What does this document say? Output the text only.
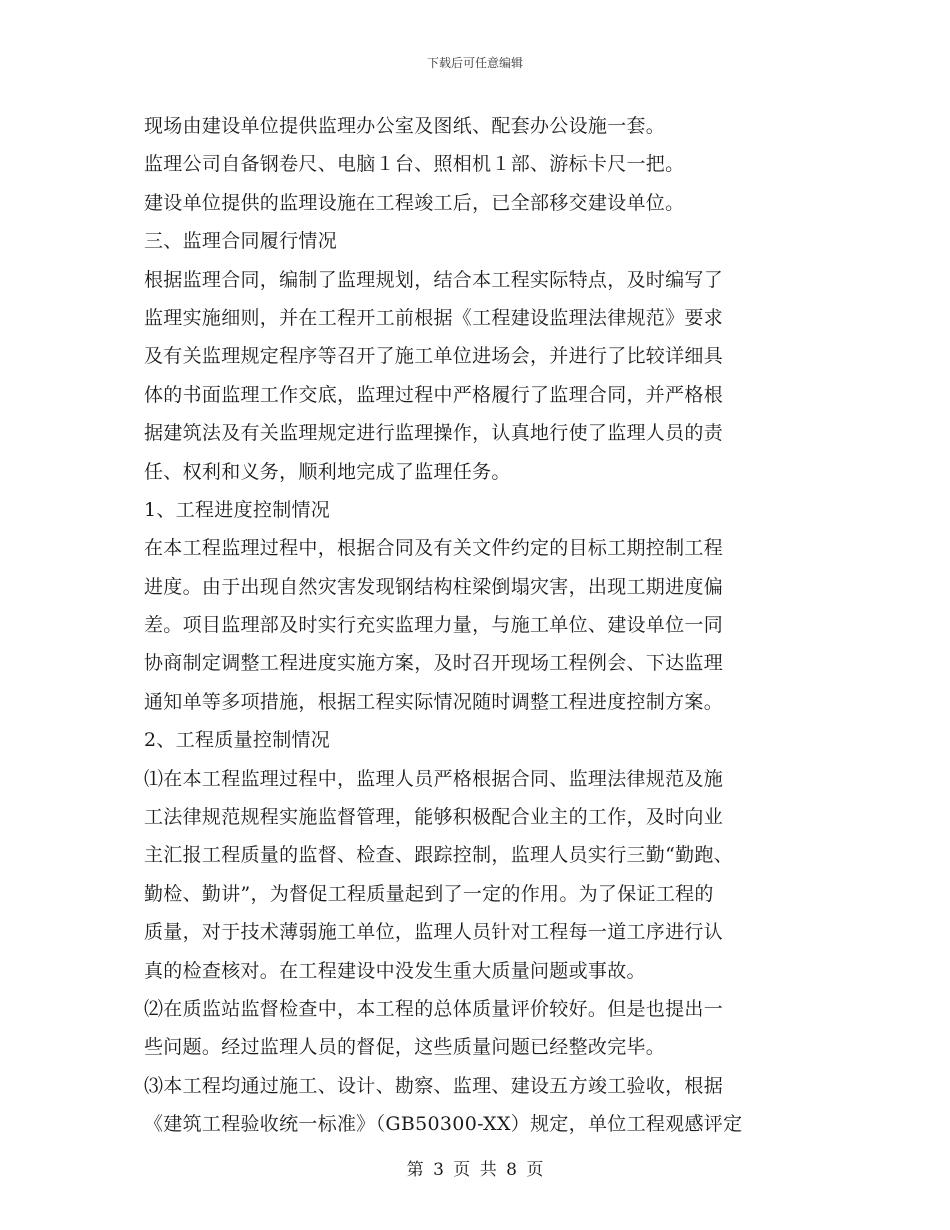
下载后可任意编辑
现场由建设单位提供监理办公室及图纸、配套办公设施一套。
监理公司自备钢卷尺、电脑１台、照相机１部、游标卡尺一把。
建设单位提供的监理设施在工程竣工后，已全部移交建设单位。
三、监理合同履行情况
根据监理合同，编制了监理规划，结合本工程实际特点，及时编写了
监理实施细则，并在工程开工前根据《工程建设监理法律规范》要求
及有关监理规定程序等召开了施工单位进场会，并进行了比较详细具
体的书面监理工作交底，监理过程中严格履行了监理合同，并严格根
据建筑法及有关监理规定进行监理操作，认真地行使了监理人员的责
任、权利和义务，顺利地完成了监理任务。
1、工程进度控制情况
在本工程监理过程中，根据合同及有关文件约定的目标工期控制工程
进度。由于出现自然灾害发现钢结构柱梁倒塌灾害，出现工期进度偏
差。项目监理部及时实行充实监理力量，与施工单位、建设单位一同
协商制定调整工程进度实施方案，及时召开现场工程例会、下达监理
通知单等多项措施，根据工程实际情况随时调整工程进度控制方案。
2、工程质量控制情况
⑴在本工程监理过程中，监理人员严格根据合同、监理法律规范及施
工法律规范规程实施监督管理，能够积极配合业主的工作，及时向业
主汇报工程质量的监督、检查、跟踪控制，监理人员实行三勤“勤跑、
勤检、勤讲”，为督促工程质量起到了一定的作用。为了保证工程的
质量，对于技术薄弱施工单位，监理人员针对工程每一道工序进行认
真的检查核对。在工程建设中没发生重大质量问题或事故。
⑵在质监站监督检查中，本工程的总体质量评价较好。但是也提出一
些问题。经过监理人员的督促，这些质量问题已经整改完毕。
⑶本工程均通过施工、设计、勘察、监理、建设五方竣工验收，根据
《建筑工程验收统一标准》（GB50300-XX）规定，单位工程观感评定
第 3 页 共 8 页
